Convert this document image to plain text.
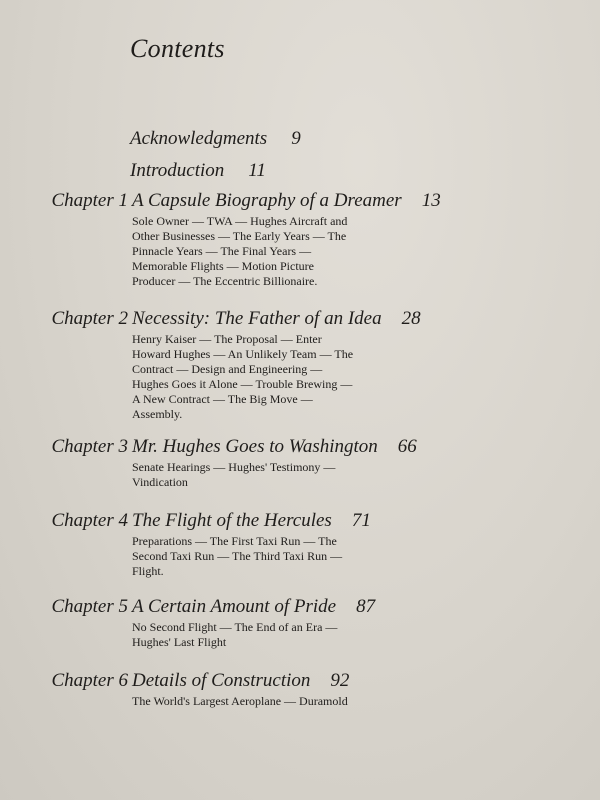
Contents
Acknowledgments 9
Introduction 11
Chapter 1 A Capsule Biography of a Dreamer 13
Sole Owner — TWA — Hughes Aircraft and
Other Businesses — The Early Years — The
Pinnacle Years — The Final Years —
Memorable Flights — Motion Picture
Producer — The Eccentric Billionaire.
Chapter 2 Necessity: The Father of an Idea 28
Henry Kaiser — The Proposal — Enter
Howard Hughes — An Unlikely Team — The
Contract — Design and Engineering —
Hughes Goes it Alone — Trouble Brewing —
A New Contract — The Big Move —
Assembly.
Chapter 3 Mr. Hughes Goes to Washington 66
Senate Hearings — Hughes' Testimony —
Vindication
Chapter 4 The Flight of the Hercules 71
Preparations — The First Taxi Run — The
Second Taxi Run — The Third Taxi Run —
Flight.
Chapter 5 A Certain Amount of Pride 87
No Second Flight — The End of an Era —
Hughes' Last Flight
Chapter 6 Details of Construction 92
The World's Largest Aeroplane — Duramold
